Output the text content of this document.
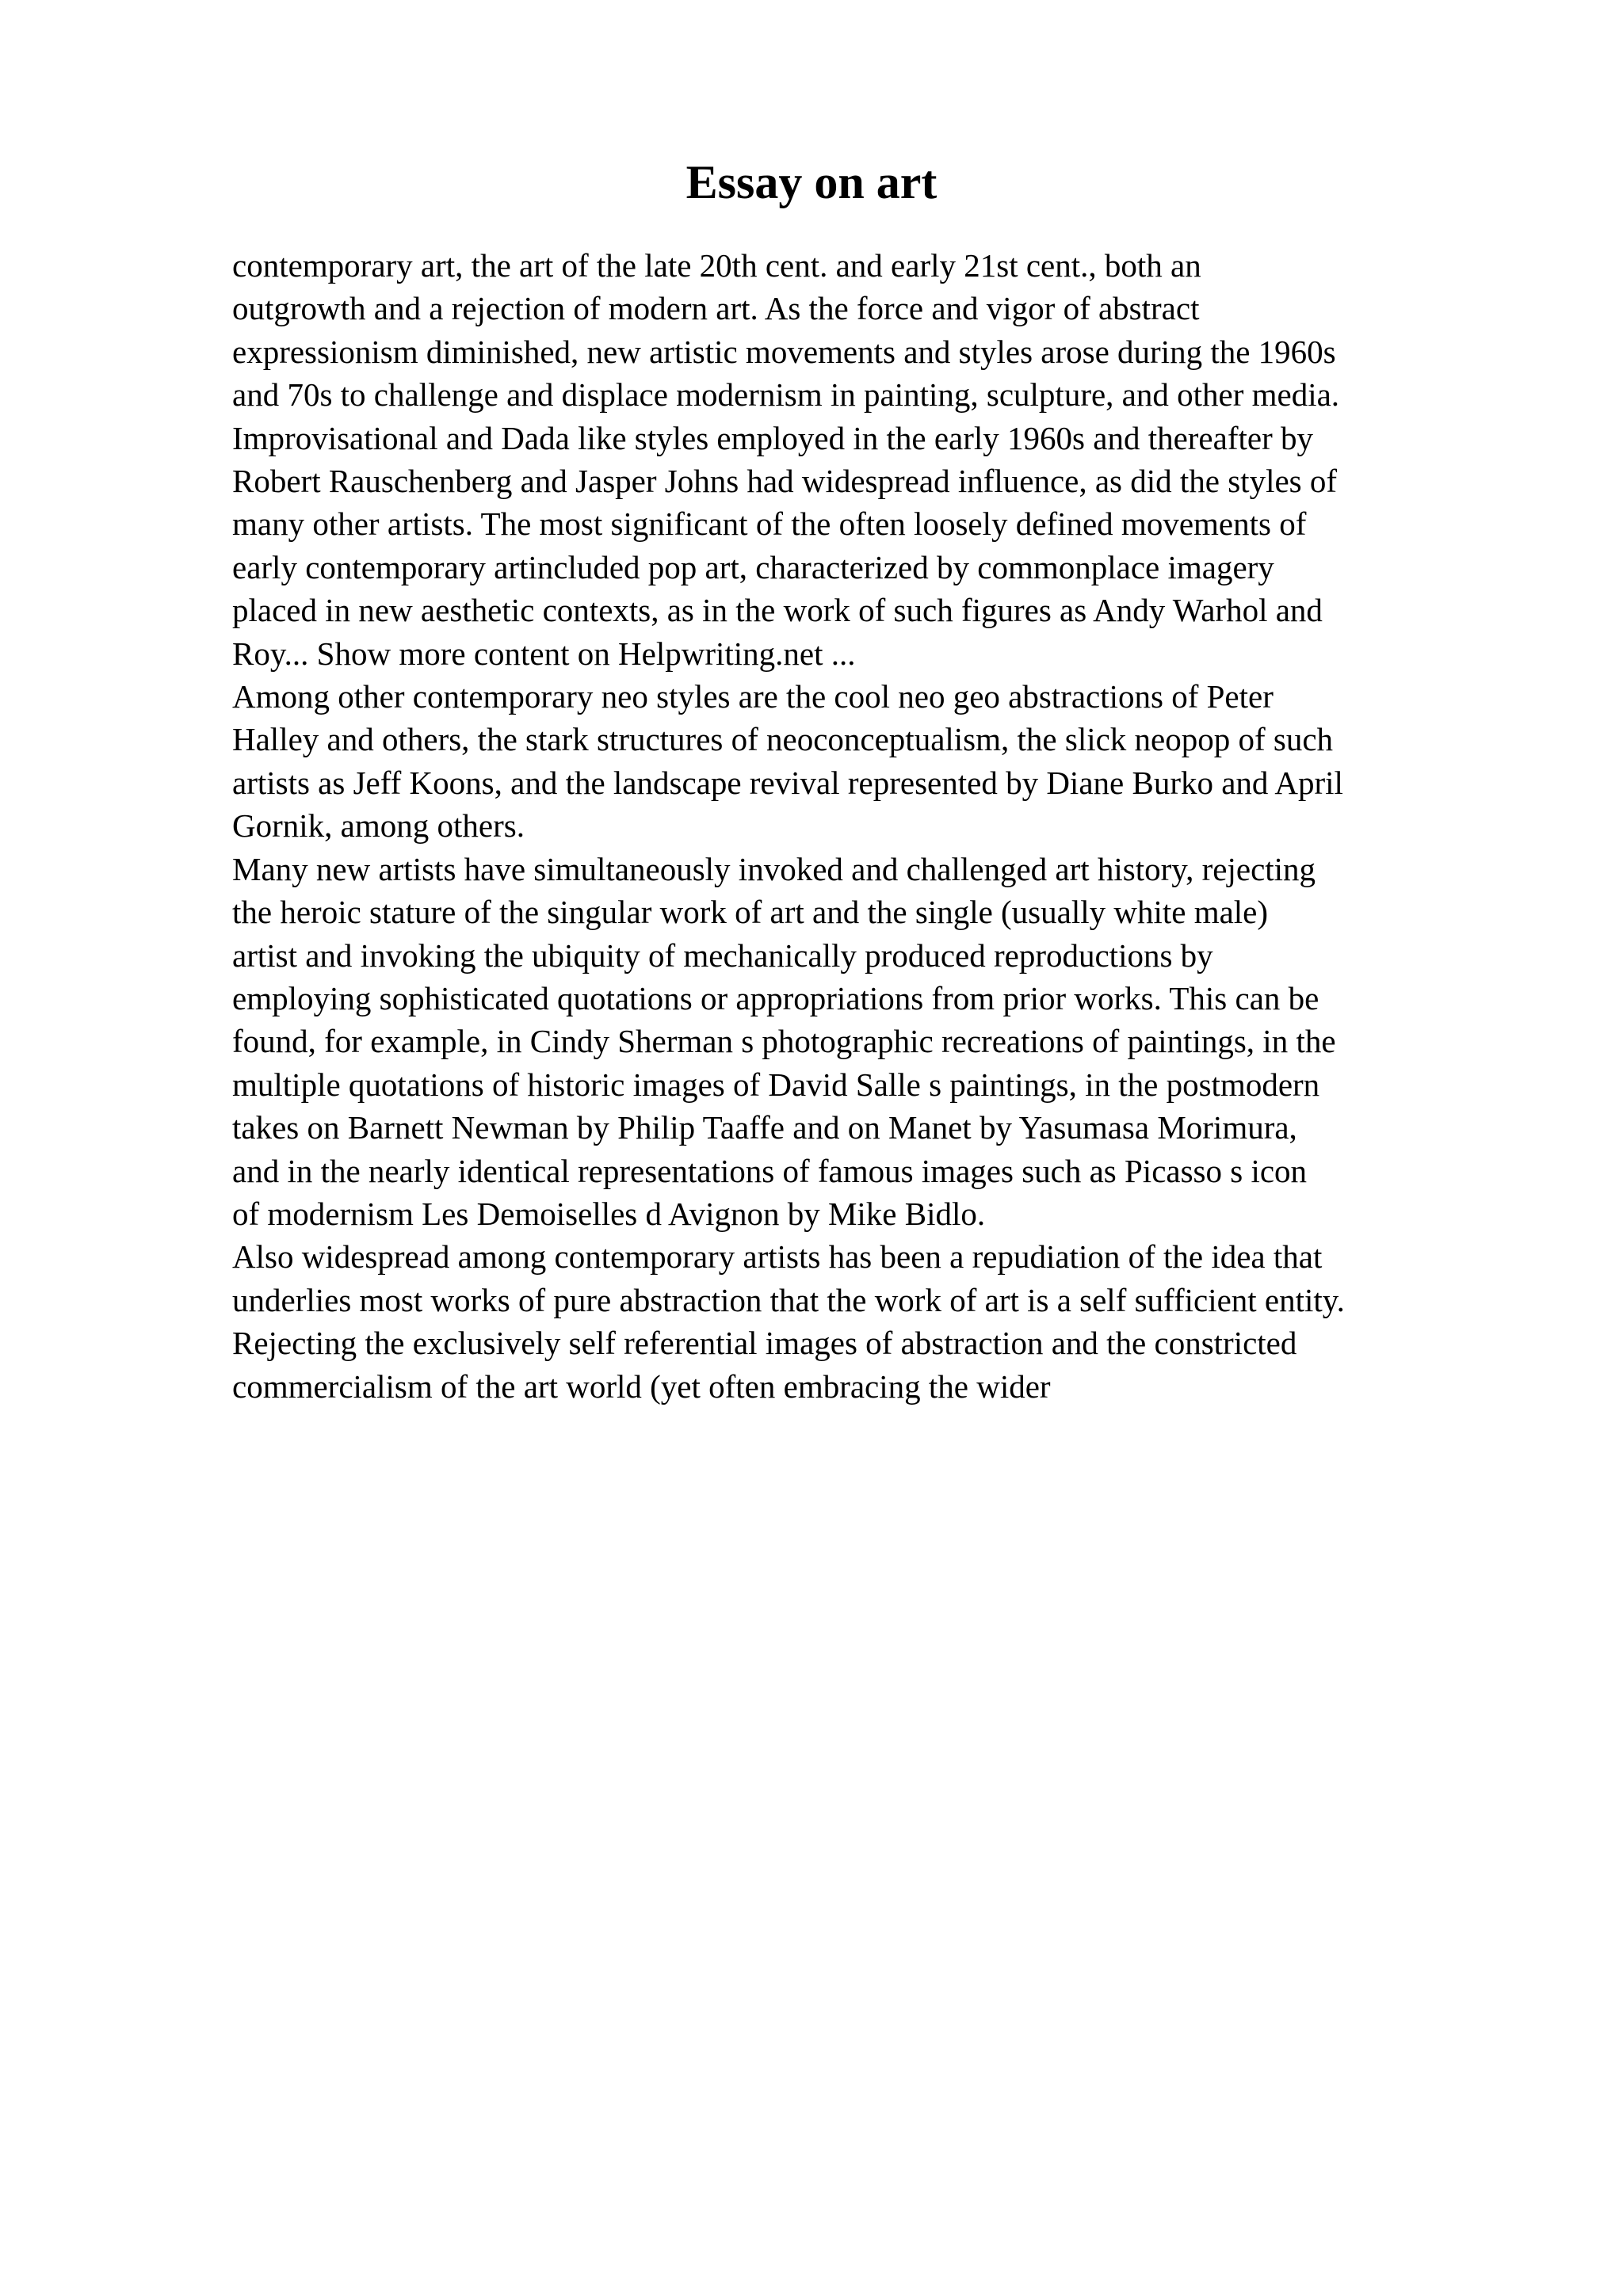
Essay on art

contemporary art, the art of the late 20th cent. and early 21st cent., both an
outgrowth and a rejection of modern art. As the force and vigor of abstract
expressionism diminished, new artistic movements and styles arose during the 1960s
and 70s to challenge and displace modernism in painting, sculpture, and other media.
Improvisational and Dada like styles employed in the early 1960s and thereafter by
Robert Rauschenberg and Jasper Johns had widespread influence, as did the styles of
many other artists. The most significant of the often loosely defined movements of
early contemporary artincluded pop art, characterized by commonplace imagery
placed in new aesthetic contexts, as in the work of such figures as Andy Warhol and
Roy... Show more content on Helpwriting.net ...

Among other contemporary neo styles are the cool neo geo abstractions of Peter
Halley and others, the stark structures of neoconceptualism, the slick neopop of such
artists as Jeff Koons, and the landscape revival represented by Diane Burko and April
Gornik, among others.

Many new artists have simultaneously invoked and challenged art history, rejecting
the heroic stature of the singular work of art and the single (usually white male)
artist and invoking the ubiquity of mechanically produced reproductions by
employing sophisticated quotations or appropriations from prior works. This can be
found, for example, in Cindy Sherman s photographic recreations of paintings, in the
multiple quotations of historic images of David Salle s paintings, in the postmodern
takes on Barnett Newman by Philip Taaffe and on Manet by Yasumasa Morimura,
and in the nearly identical representations of famous images such as Picasso s icon
of modernism Les Demoiselles d Avignon by Mike Bidlo.

Also widespread among contemporary artists has been a repudiation of the idea that
underlies most works of pure abstraction that the work of art is a self sufficient entity.
Rejecting the exclusively self referential images of abstraction and the constricted
commercialism of the art world (yet often embracing the wider
